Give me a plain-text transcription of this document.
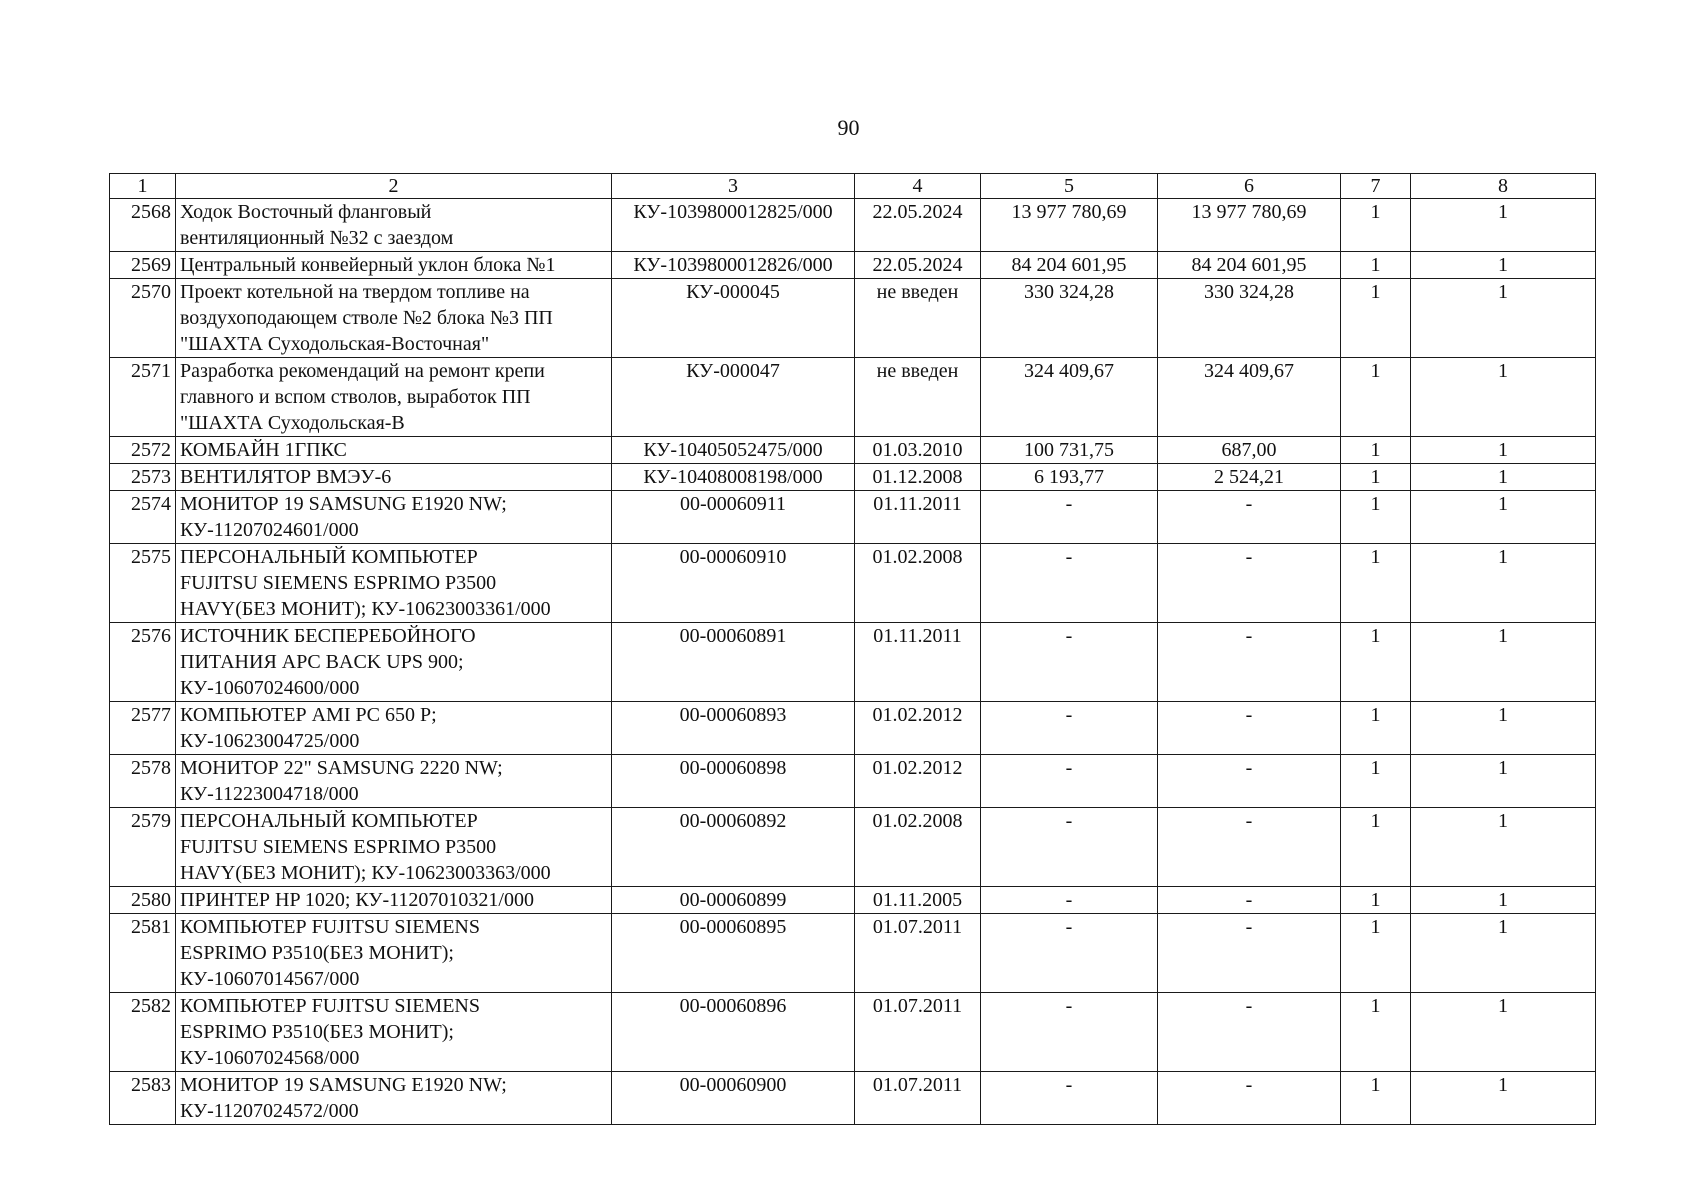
90
1	2	3	4	5	6	7	8
2568	Ходок Восточный фланговый
вентиляционный №32 с заездом	КУ-1039800012825/000	22.05.2024	13 977 780,69	13 977 780,69	1	1
2569	Центральный конвейерный уклон блока №1	КУ-1039800012826/000	22.05.2024	84 204 601,95	84 204 601,95	1	1
2570	Проект котельной на твердом топливе на
воздухоподающем стволе №2 блока №3 ПП
"ШАХТА Суходольская-Восточная"	КУ-000045	не введен	330 324,28	330 324,28	1	1
2571	Разработка рекомендаций на ремонт крепи
главного и вспом стволов, выработок ПП
"ШАХТА Суходольская-В	КУ-000047	не введен	324 409,67	324 409,67	1	1
2572	КОМБАЙН 1ГПКС	КУ-10405052475/000	01.03.2010	100 731,75	687,00	1	1
2573	ВЕНТИЛЯТОР ВМЭУ-6	КУ-10408008198/000	01.12.2008	6 193,77	2 524,21	1	1
2574	МОНИТОР 19 SAMSUNG E1920 NW;
КУ-11207024601/000	00-00060911	01.11.2011	-	-	1	1
2575	ПЕРСОНАЛЬНЫЙ КОМПЬЮТЕР
FUJITSU SIEMENS ESPRIMO P3500
HAVY(БЕЗ МОНИТ); КУ-10623003361/000	00-00060910	01.02.2008	-	-	1	1
2576	ИСТОЧНИК БЕСПЕРЕБОЙНОГО
ПИТАНИЯ APC BACK UPS 900;
КУ-10607024600/000	00-00060891	01.11.2011	-	-	1	1
2577	КОМПЬЮТЕР AMI PC 650 P;
КУ-10623004725/000	00-00060893	01.02.2012	-	-	1	1
2578	МОНИТОР 22" SAMSUNG 2220 NW;
КУ-11223004718/000	00-00060898	01.02.2012	-	-	1	1
2579	ПЕРСОНАЛЬНЫЙ КОМПЬЮТЕР
FUJITSU SIEMENS ESPRIMO P3500
HAVY(БЕЗ МОНИТ); КУ-10623003363/000	00-00060892	01.02.2008	-	-	1	1
2580	ПРИНТЕР HP 1020; КУ-11207010321/000	00-00060899	01.11.2005	-	-	1	1
2581	КОМПЬЮТЕР FUJITSU SIEMENS
ESPRIMO P3510(БЕЗ МОНИТ);
КУ-10607014567/000	00-00060895	01.07.2011	-	-	1	1
2582	КОМПЬЮТЕР FUJITSU SIEMENS
ESPRIMO P3510(БЕЗ МОНИТ);
КУ-10607024568/000	00-00060896	01.07.2011	-	-	1	1
2583	МОНИТОР 19 SAMSUNG E1920 NW;
КУ-11207024572/000	00-00060900	01.07.2011	-	-	1	1
